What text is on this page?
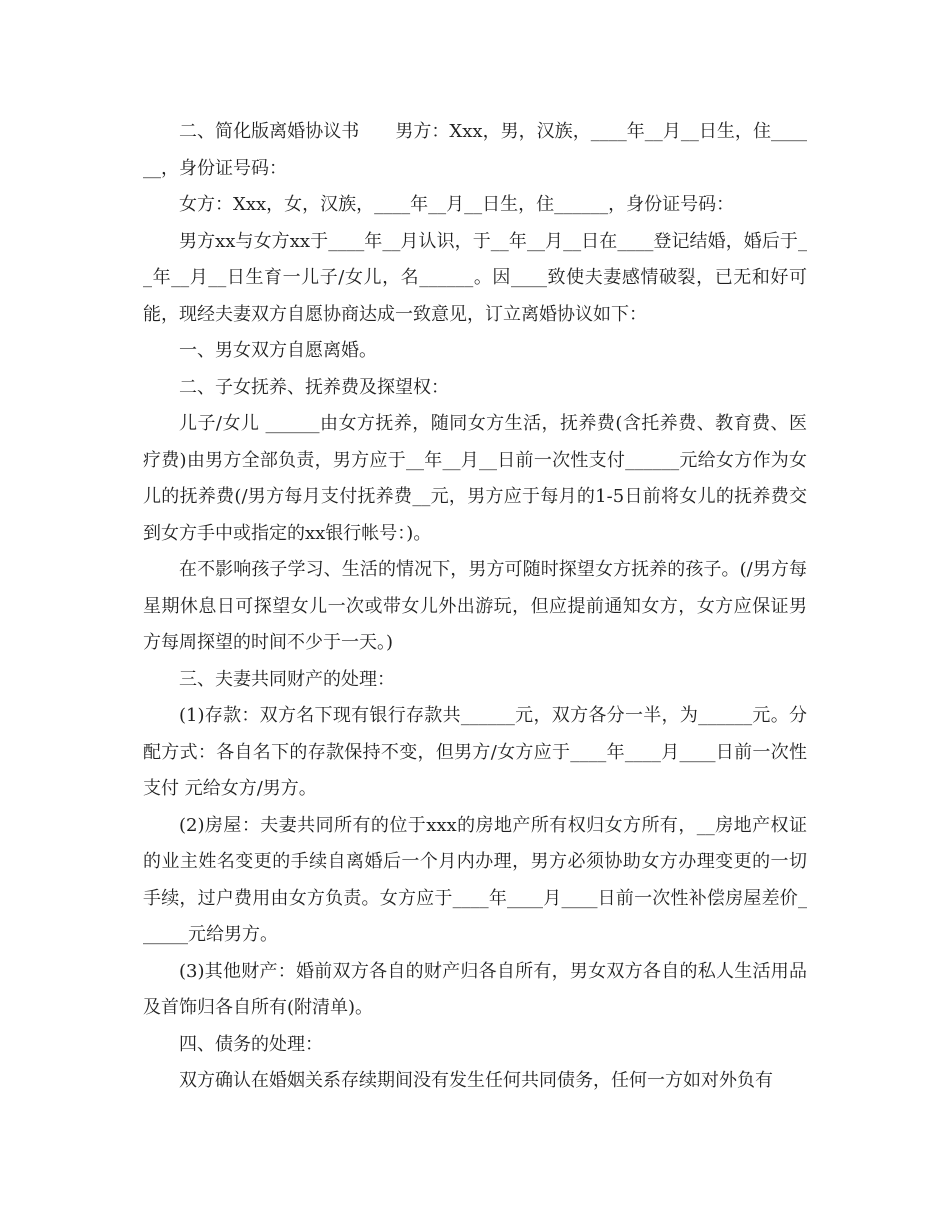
二、简化版离婚协议书　　男方：Xxx，男，汉族，____年__月__日生，住______，身份证号码：

女方：Xxx，女，汉族，____年__月__日生，住______，身份证号码：

男方xx与女方xx于____年__月认识，于__年__月__日在____登记结婚，婚后于__年__月__日生育一儿子/女儿，名______。因____致使夫妻感情破裂，已无和好可能，现经夫妻双方自愿协商达成一致意见，订立离婚协议如下：

一、男女双方自愿离婚。

二、子女抚养、抚养费及探望权：

儿子/女儿 ______由女方抚养，随同女方生活，抚养费(含托养费、教育费、医疗费)由男方全部负责，男方应于__年__月__日前一次性支付______元给女方作为女儿的抚养费(/男方每月支付抚养费__元，男方应于每月的1-5日前将女儿的抚养费交到女方手中或指定的xx银行帐号：)。

在不影响孩子学习、生活的情况下，男方可随时探望女方抚养的孩子。(/男方每星期休息日可探望女儿一次或带女儿外出游玩，但应提前通知女方，女方应保证男方每周探望的时间不少于一天。)

三、夫妻共同财产的处理：

(1)存款：双方名下现有银行存款共______元，双方各分一半，为______元。分配方式：各自名下的存款保持不变，但男方/女方应于____年____月____日前一次性支付 元给女方/男方。

(2)房屋：夫妻共同所有的位于xxx的房地产所有权归女方所有，__房地产权证的业主姓名变更的手续自离婚后一个月内办理，男方必须协助女方办理变更的一切手续，过户费用由女方负责。女方应于____年____月____日前一次性补偿房屋差价______元给男方。

(3)其他财产：婚前双方各自的财产归各自所有，男女双方各自的私人生活用品及首饰归各自所有(附清单)。

四、债务的处理：

双方确认在婚姻关系存续期间没有发生任何共同债务，任何一方如对外负有
